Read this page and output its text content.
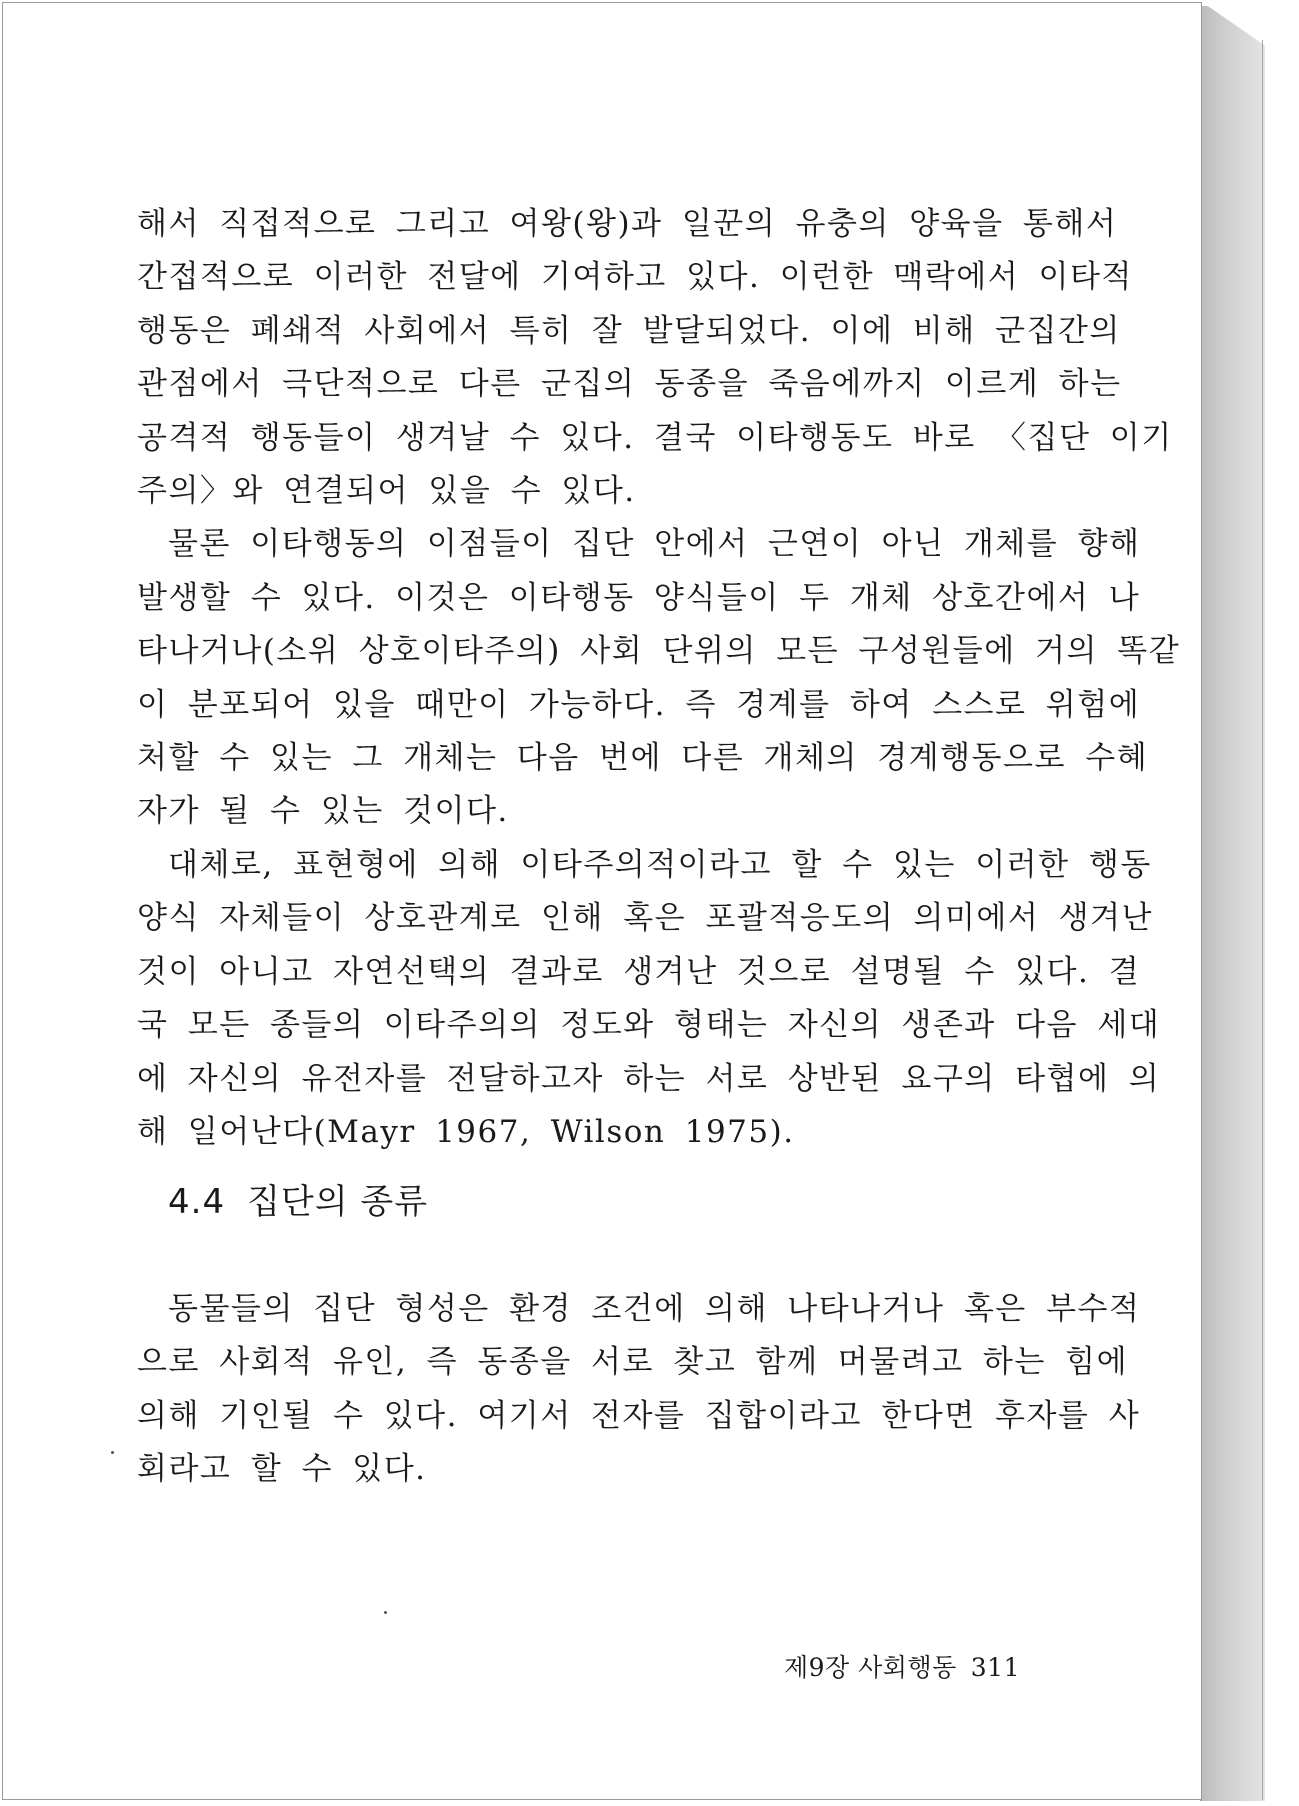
해서 직접적으로 그리고 여왕(왕)과 일꾼의 유충의 양육을 통해서
간접적으로 이러한 전달에 기여하고 있다. 이런한 맥락에서 이타적
행동은 폐쇄적 사회에서 특히 잘 발달되었다. 이에 비해 군집간의
관점에서 극단적으로 다른 군집의 동종을 죽음에까지 이르게 하는
공격적 행동들이 생겨날 수 있다. 결국 이타행동도 바로 〈집단 이기
주의〉와 연결되어 있을 수 있다.
물론 이타행동의 이점들이 집단 안에서 근연이 아닌 개체를 향해
발생할 수 있다. 이것은 이타행동 양식들이 두 개체 상호간에서 나
타나거나(소위 상호이타주의) 사회 단위의 모든 구성원들에 거의 똑같
이 분포되어 있을 때만이 가능하다. 즉 경계를 하여 스스로 위험에
처할 수 있는 그 개체는 다음 번에 다른 개체의 경계행동으로 수혜
자가 될 수 있는 것이다.
대체로, 표현형에 의해 이타주의적이라고 할 수 있는 이러한 행동
양식 자체들이 상호관계로 인해 혹은 포괄적응도의 의미에서 생겨난
것이 아니고 자연선택의 결과로 생겨난 것으로 설명될 수 있다. 결
국 모든 종들의 이타주의의 정도와 형태는 자신의 생존과 다음 세대
에 자신의 유전자를 전달하고자 하는 서로 상반된 요구의 타협에 의
해 일어난다(Mayr 1967, Wilson 1975).
4.4 집단의 종류
동물들의 집단 형성은 환경 조건에 의해 나타나거나 혹은 부수적
으로 사회적 유인, 즉 동종을 서로 찾고 함께 머물려고 하는 힘에
의해 기인될 수 있다. 여기서 전자를 집합이라고 한다면 후자를 사
회라고 할 수 있다.
제9장 사회행동 311
